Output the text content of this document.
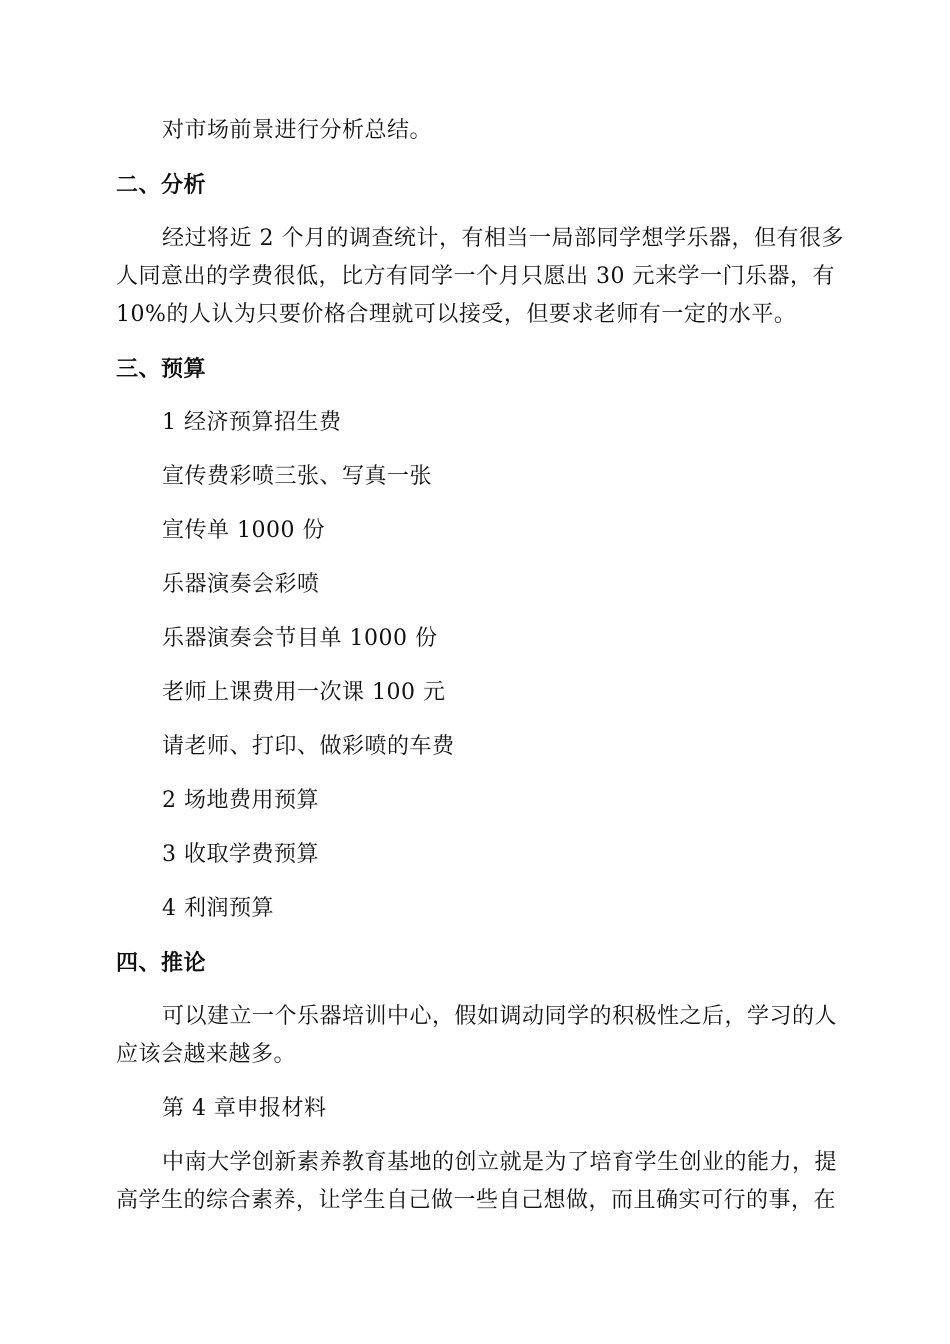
对市场前景进行分析总结。
二、分析
经过将近 2 个月的调查统计，有相当一局部同学想学乐器，但有很多
人同意出的学费很低，比方有同学一个月只愿出 30 元来学一门乐器，有
10%的人认为只要价格合理就可以接受，但要求老师有一定的水平。
三、预算
1 经济预算招生费
宣传费彩喷三张、写真一张
宣传单 1000 份
乐器演奏会彩喷
乐器演奏会节目单 1000 份
老师上课费用一次课 100 元
请老师、打印、做彩喷的车费
2 场地费用预算
3 收取学费预算
4 利润预算
四、推论
可以建立一个乐器培训中心，假如调动同学的积极性之后，学习的人
应该会越来越多。
第 4 章申报材料
中南大学创新素养教育基地的创立就是为了培育学生创业的能力，提
高学生的综合素养，让学生自己做一些自己想做，而且确实可行的事，在
